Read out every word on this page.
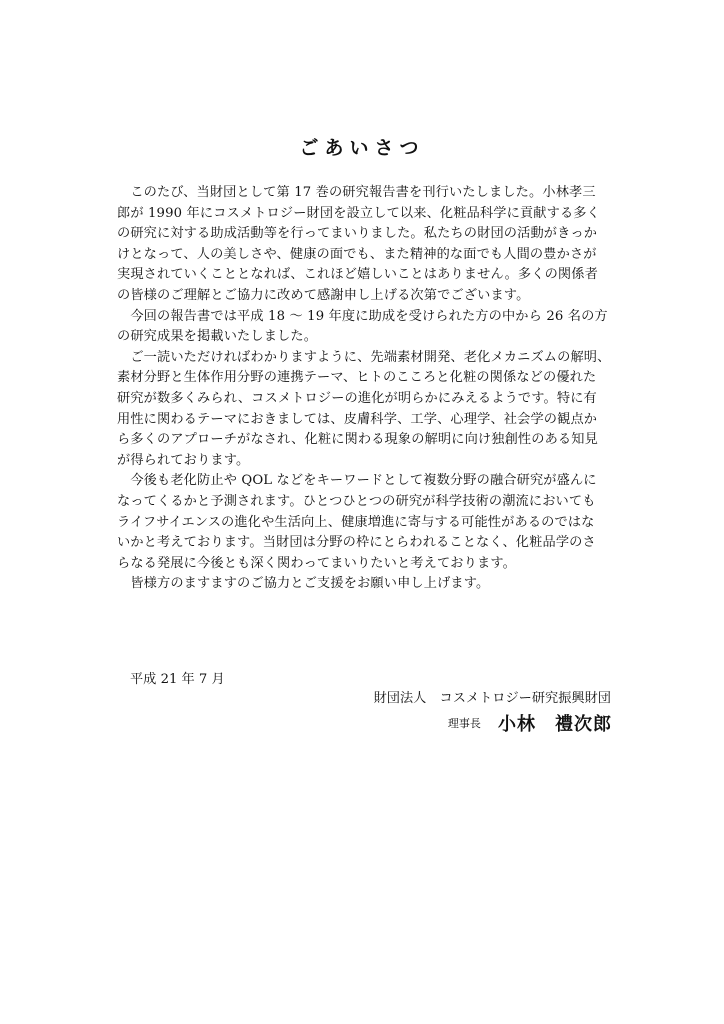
ごあいさつ
　このたび、当財団として第 17 巻の研究報告書を刊行いたしました。小林孝三
郎が 1990 年にコスメトロジー財団を設立して以来、化粧品科学に貢献する多く
の研究に対する助成活動等を行ってまいりました。私たちの財団の活動がきっか
けとなって、人の美しさや、健康の面でも、また精神的な面でも人間の豊かさが
実現されていくこととなれば、これほど嬉しいことはありません。多くの関係者
の皆様のご理解とご協力に改めて感謝申し上げる次第でございます。
　今回の報告書では平成 18 〜 19 年度に助成を受けられた方の中から 26 名の方
の研究成果を掲載いたしました。
　ご一読いただければわかりますように、先端素材開発、老化メカニズムの解明、
素材分野と生体作用分野の連携テーマ、ヒトのこころと化粧の関係などの優れた
研究が数多くみられ、コスメトロジーの進化が明らかにみえるようです。特に有
用性に関わるテーマにおきましては、皮膚科学、工学、心理学、社会学の観点か
ら多くのアプローチがなされ、化粧に関わる現象の解明に向け独創性のある知見
が得られております。
　今後も老化防止や QOL などをキーワードとして複数分野の融合研究が盛んに
なってくるかと予測されます。ひとつひとつの研究が科学技術の潮流においても
ライフサイエンスの進化や生活向上、健康増進に寄与する可能性があるのではな
いかと考えております。当財団は分野の枠にとらわれることなく、化粧品学のさ
らなる発展に今後とも深く関わってまいりたいと考えております。
　皆様方のますますのご協力とご支援をお願い申し上げます。
平成 21 年 7 月
財団法人　コスメトロジー研究振興財団
理事長 小林　禮次郎
